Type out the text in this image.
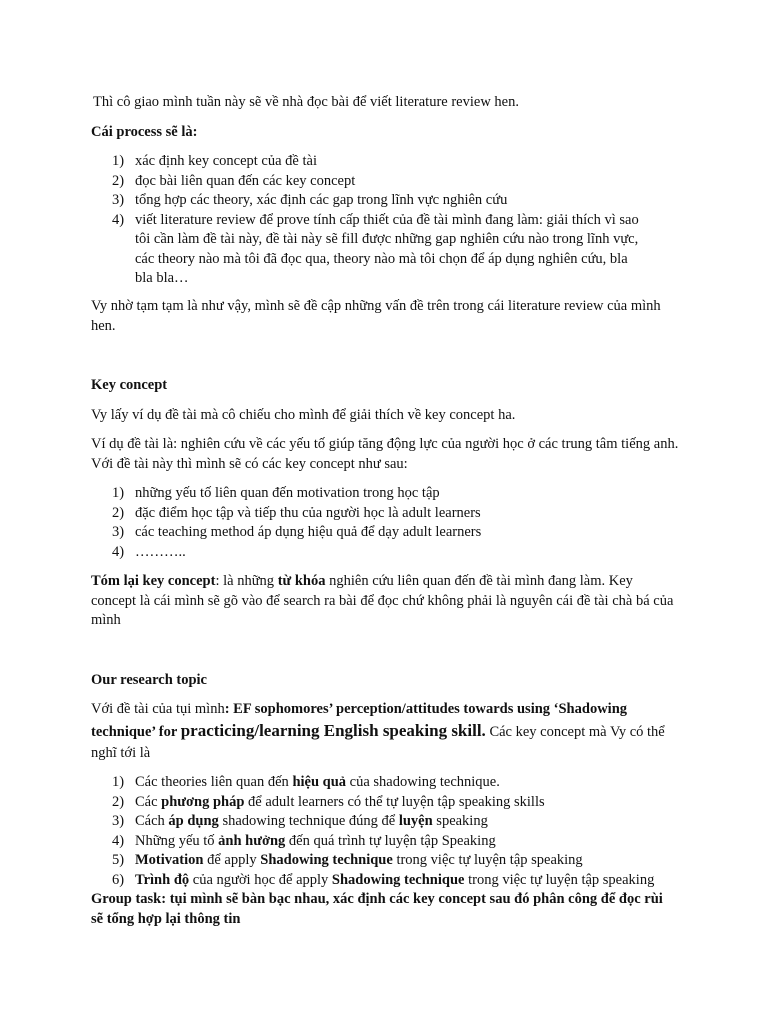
Thì cô giao mình tuần này sẽ về nhà đọc bài để viết literature review hen.

Cái process sẽ là:

1) xác định key concept của đề tài
2) đọc bài liên quan đến các key concept
3) tổng hợp các theory, xác định các gap trong lĩnh vực nghiên cứu
4) viết literature review để prove tính cấp thiết của đề tài mình đang làm: giải thích vì sao tôi cần làm đề tài này, đề tài này sẽ fill được những gap nghiên cứu nào trong lĩnh vực, các theory nào mà tôi đã đọc qua, theory nào mà tôi chọn để áp dụng nghiên cứu, bla bla bla…

Vy nhờ tạm tạm là như vậy, mình sẽ đề cập những vấn đề trên trong cái literature review của mình hen.

Key concept

Vy lấy ví dụ đề tài mà cô chiếu cho mình để giải thích về key concept ha.

Ví dụ đề tài là: nghiên cứu về các yếu tố giúp tăng động lực của người học ở các trung tâm tiếng anh. Với đề tài này thì mình sẽ có các key concept như sau:

1) những yếu tố liên quan đến motivation trong học tập
2) đặc điểm học tập và tiếp thu của người học là adult learners
3) các teaching method áp dụng hiệu quả để dạy adult learners
4) ………..

Tóm lại key concept: là những từ khóa nghiên cứu liên quan đến đề tài mình đang làm. Key concept là cái mình sẽ gõ vào để search ra bài để đọc chứ không phải là nguyên cái đề tài chà bá của mình

Our research topic

Với đề tài của tụi mình: EF sophomores’ perception/attitudes towards using ‘Shadowing technique’ for practicing/learning English speaking skill. Các key concept mà Vy có thể nghĩ tới là

1) Các theories liên quan đến hiệu quả của shadowing technique.
2) Các phương pháp để adult learners có thể tự luyện tập speaking skills
3) Cách áp dụng shadowing technique đúng để luyện speaking
4) Những yếu tố ảnh hưởng đến quá trình tự luyện tập Speaking
5) Motivation để apply Shadowing technique trong việc tự luyện tập speaking
6) Trình độ của người học để apply Shadowing technique trong việc tự luyện tập speaking

Group task: tụi mình sẽ bàn bạc nhau, xác định các key concept sau đó phân công để đọc rùi sẽ tổng hợp lại thông tin
